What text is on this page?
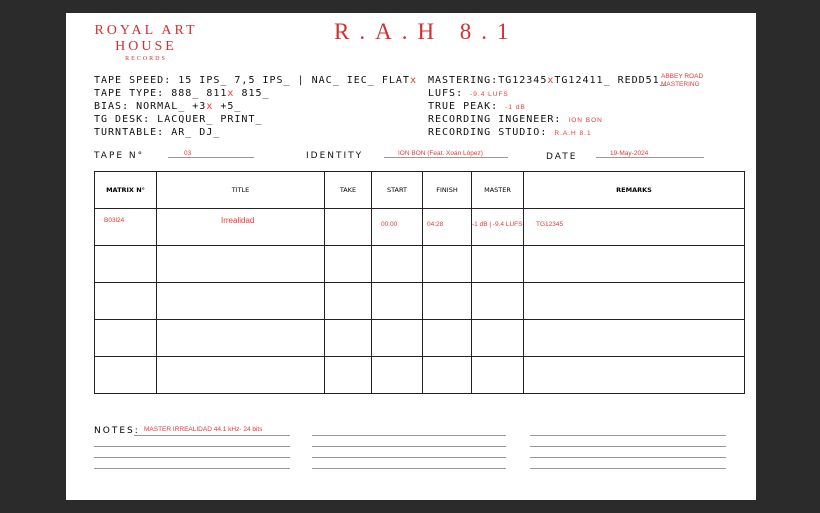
ROYAL ART
HOUSE
RECORDS
R.A.H 8.1
TAPE SPEED: 15 IPS_ 7,5 IPS_ | NAC_ IEC_ FLATx
TAPE TYPE: 888_ 811x 815_
BIAS: NORMAL_ +3x +5_
TG DESK: LACQUER_ PRINT_
TURNTABLE: AR_ DJ_
MASTERING:TG12345xTG12411_ REDD51_
ABBEY ROAD
MASTERING
LUFS: -9.4 LUFS
TRUE PEAK: -1 dB
RECORDING INGENEER: ION BON
RECORDING STUDIO: R.A.H 8.1
TAPE N°	03	IDENTITY	ION BON (Feat. Xoán López)	DATE	19-May-2024
MATRIX N°	TITLE	TAKE	START	FINISH	MASTER	REMARKS

B03l24	Irrealidad		00:00	04:28	-1 dB | -9.4 LUFS	TG12345

NOTES: MASTER IRREALIDAD 44.1 kHz- 24 bits
